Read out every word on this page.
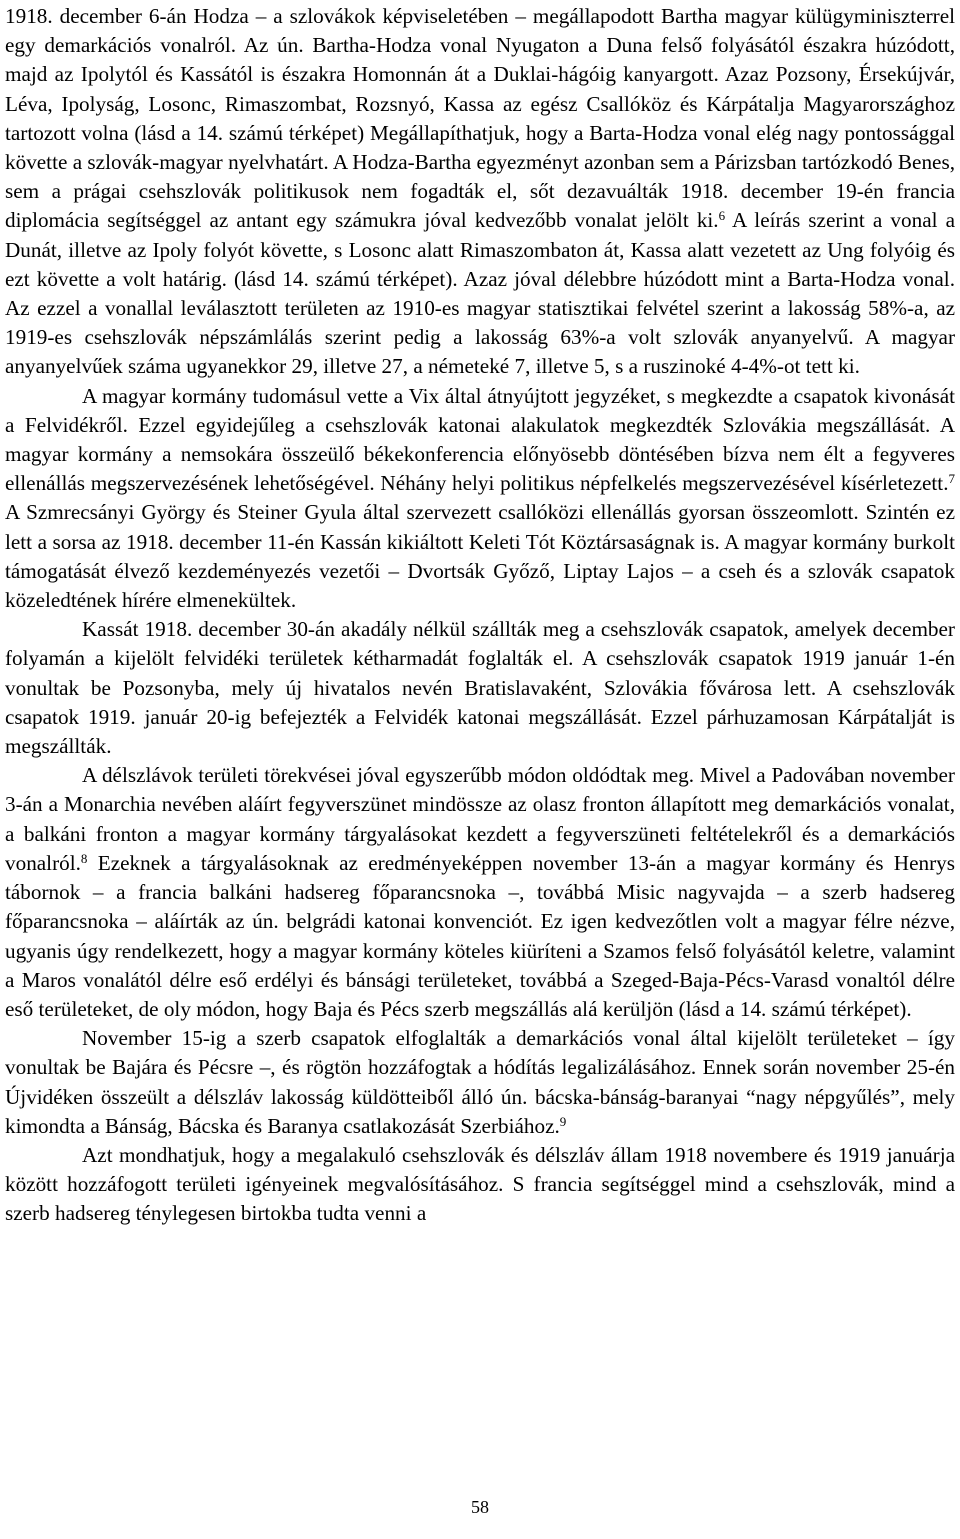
1918. december 6-án Hodza – a szlovákok képviseletében – megállapodott Bartha magyar külügyminiszterrel egy demarkációs vonalról. Az ún. Bartha-Hodza vonal Nyugaton a Duna felső folyásától északra húzódott, majd az Ipolytól és Kassától is északra Homonnán át a Duklai-hágóig kanyargott. Azaz Pozsony, Érsekújvár, Léva, Ipolyság, Losonc, Rimaszombat, Rozsnyó, Kassa az egész Csallóköz és Kárpátalja Magyarországhoz tartozott volna (lásd a 14. számú térképet) Megállapíthatjuk, hogy a Barta-Hodza vonal elég nagy pontossággal követte a szlovák-magyar nyelvhatárt. A Hodza-Bartha egyezményt azonban sem a Párizsban tartózkodó Benes, sem a prágai csehszlovák politikusok nem fogadták el, sőt dezavuálták 1918. december 19-én francia diplomácia segítséggel az antant egy számukra jóval kedvezőbb vonalat jelölt ki.$^6$ A leírás szerint a vonal a Dunát, illetve az Ipoly folyót követte, s Losonc alatt Rimaszombaton át, Kassa alatt vezetett az Ung folyóig és ezt követte a volt határig. (lásd 14. számú térképet). Azaz jóval délebbre húzódott mint a Barta-Hodza vonal. Az ezzel a vonallal leválasztott területen az 1910-es magyar statisztikai felvétel szerint a lakosság 58%-a, az 1919-es csehszlovák népszámlálás szerint pedig a lakosság 63%-a volt szlovák anyanyelvű. A magyar anyanyelvűek száma ugyanekkor 29, illetve 27, a németeké 7, illetve 5, s a ruszinoké 4-4%-ot tett ki.

A magyar kormány tudomásul vette a Vix által átnyújtott jegyzéket, s megkezdte a csapatok kivonását a Felvidékről. Ezzel egyidejűleg a csehszlovák katonai alakulatok megkezdték Szlovákia megszállását. A magyar kormány a nemsokára összeülő békekonferencia előnyösebb döntésében bízva nem élt a fegyveres ellenállás megszervezésének lehetőségével. Néhány helyi politikus népfelkelés megszervezésével kísérletezett.$^7$ A Szmrecsányi György és Steiner Gyula által szervezett csallóközi ellenállás gyorsan összeomlott. Szintén ez lett a sorsa az 1918. december 11-én Kassán kikiáltott Keleti Tót Köztársaságnak is. A magyar kormány burkolt támogatását élvező kezdeményezés vezetői – Dvortsák Győző, Liptay Lajos – a cseh és a szlovák csapatok közeledtének hírére elmenekültek.

Kassát 1918. december 30-án akadály nélkül szállták meg a csehszlovák csapatok, amelyek december folyamán a kijelölt felvidéki területek kétharmadát foglalták el. A csehszlovák csapatok 1919 január 1-én vonultak be Pozsonyba, mely új hivatalos nevén Bratislavaként, Szlovákia fővárosa lett. A csehszlovák csapatok 1919. január 20-ig befejezték a Felvidék katonai megszállását. Ezzel párhuzamosan Kárpátalját is megszállták.

A délszlávok területi törekvései jóval egyszerűbb módon oldódtak meg. Mivel a Padovában november 3-án a Monarchia nevében aláírt fegyverszünet mindössze az olasz fronton állapított meg demarkációs vonalat, a balkáni fronton a magyar kormány tárgyalásokat kezdett a fegyverszüneti feltételekről és a demarkációs vonalról.$^8$ Ezeknek a tárgyalásoknak az eredményeképpen november 13-án a magyar kormány és Henrys tábornok – a francia balkáni hadsereg főparancsnoka –, továbbá Misic nagyvajda – a szerb hadsereg főparancsnoka – aláírták az ún. belgrádi katonai konvenciót. Ez igen kedvezőtlen volt a magyar félre nézve, ugyanis úgy rendelkezett, hogy a magyar kormány köteles kiüríteni a Szamos felső folyásától keletre, valamint a Maros vonalától délre eső erdélyi és bánsági területeket, továbbá a Szeged-Baja-Pécs-Varasd vonaltól délre eső területeket, de oly módon, hogy Baja és Pécs szerb megszállás alá kerüljön (lásd a 14. számú térképet).

November 15-ig a szerb csapatok elfoglalták a demarkációs vonal által kijelölt területeket – így vonultak be Bajára és Pécsre –, és rögtön hozzáfogtak a hódítás legalizálásához. Ennek során november 25-én Újvidéken összeült a délszláv lakosság küldötteiből álló ún. bácska-bánság-baranyai “nagy népgyűlés”, mely kimondta a Bánság, Bácska és Baranya csatlakozását Szerbiához.$^9$

Azt mondhatjuk, hogy a megalakuló csehszlovák és délszláv állam 1918 novembere és 1919 januárja között hozzáfogott területi igényeinek megvalósításához. S francia segítséggel mind a csehszlovák, mind a szerb hadsereg ténylegesen birtokba tudta venni a

58
